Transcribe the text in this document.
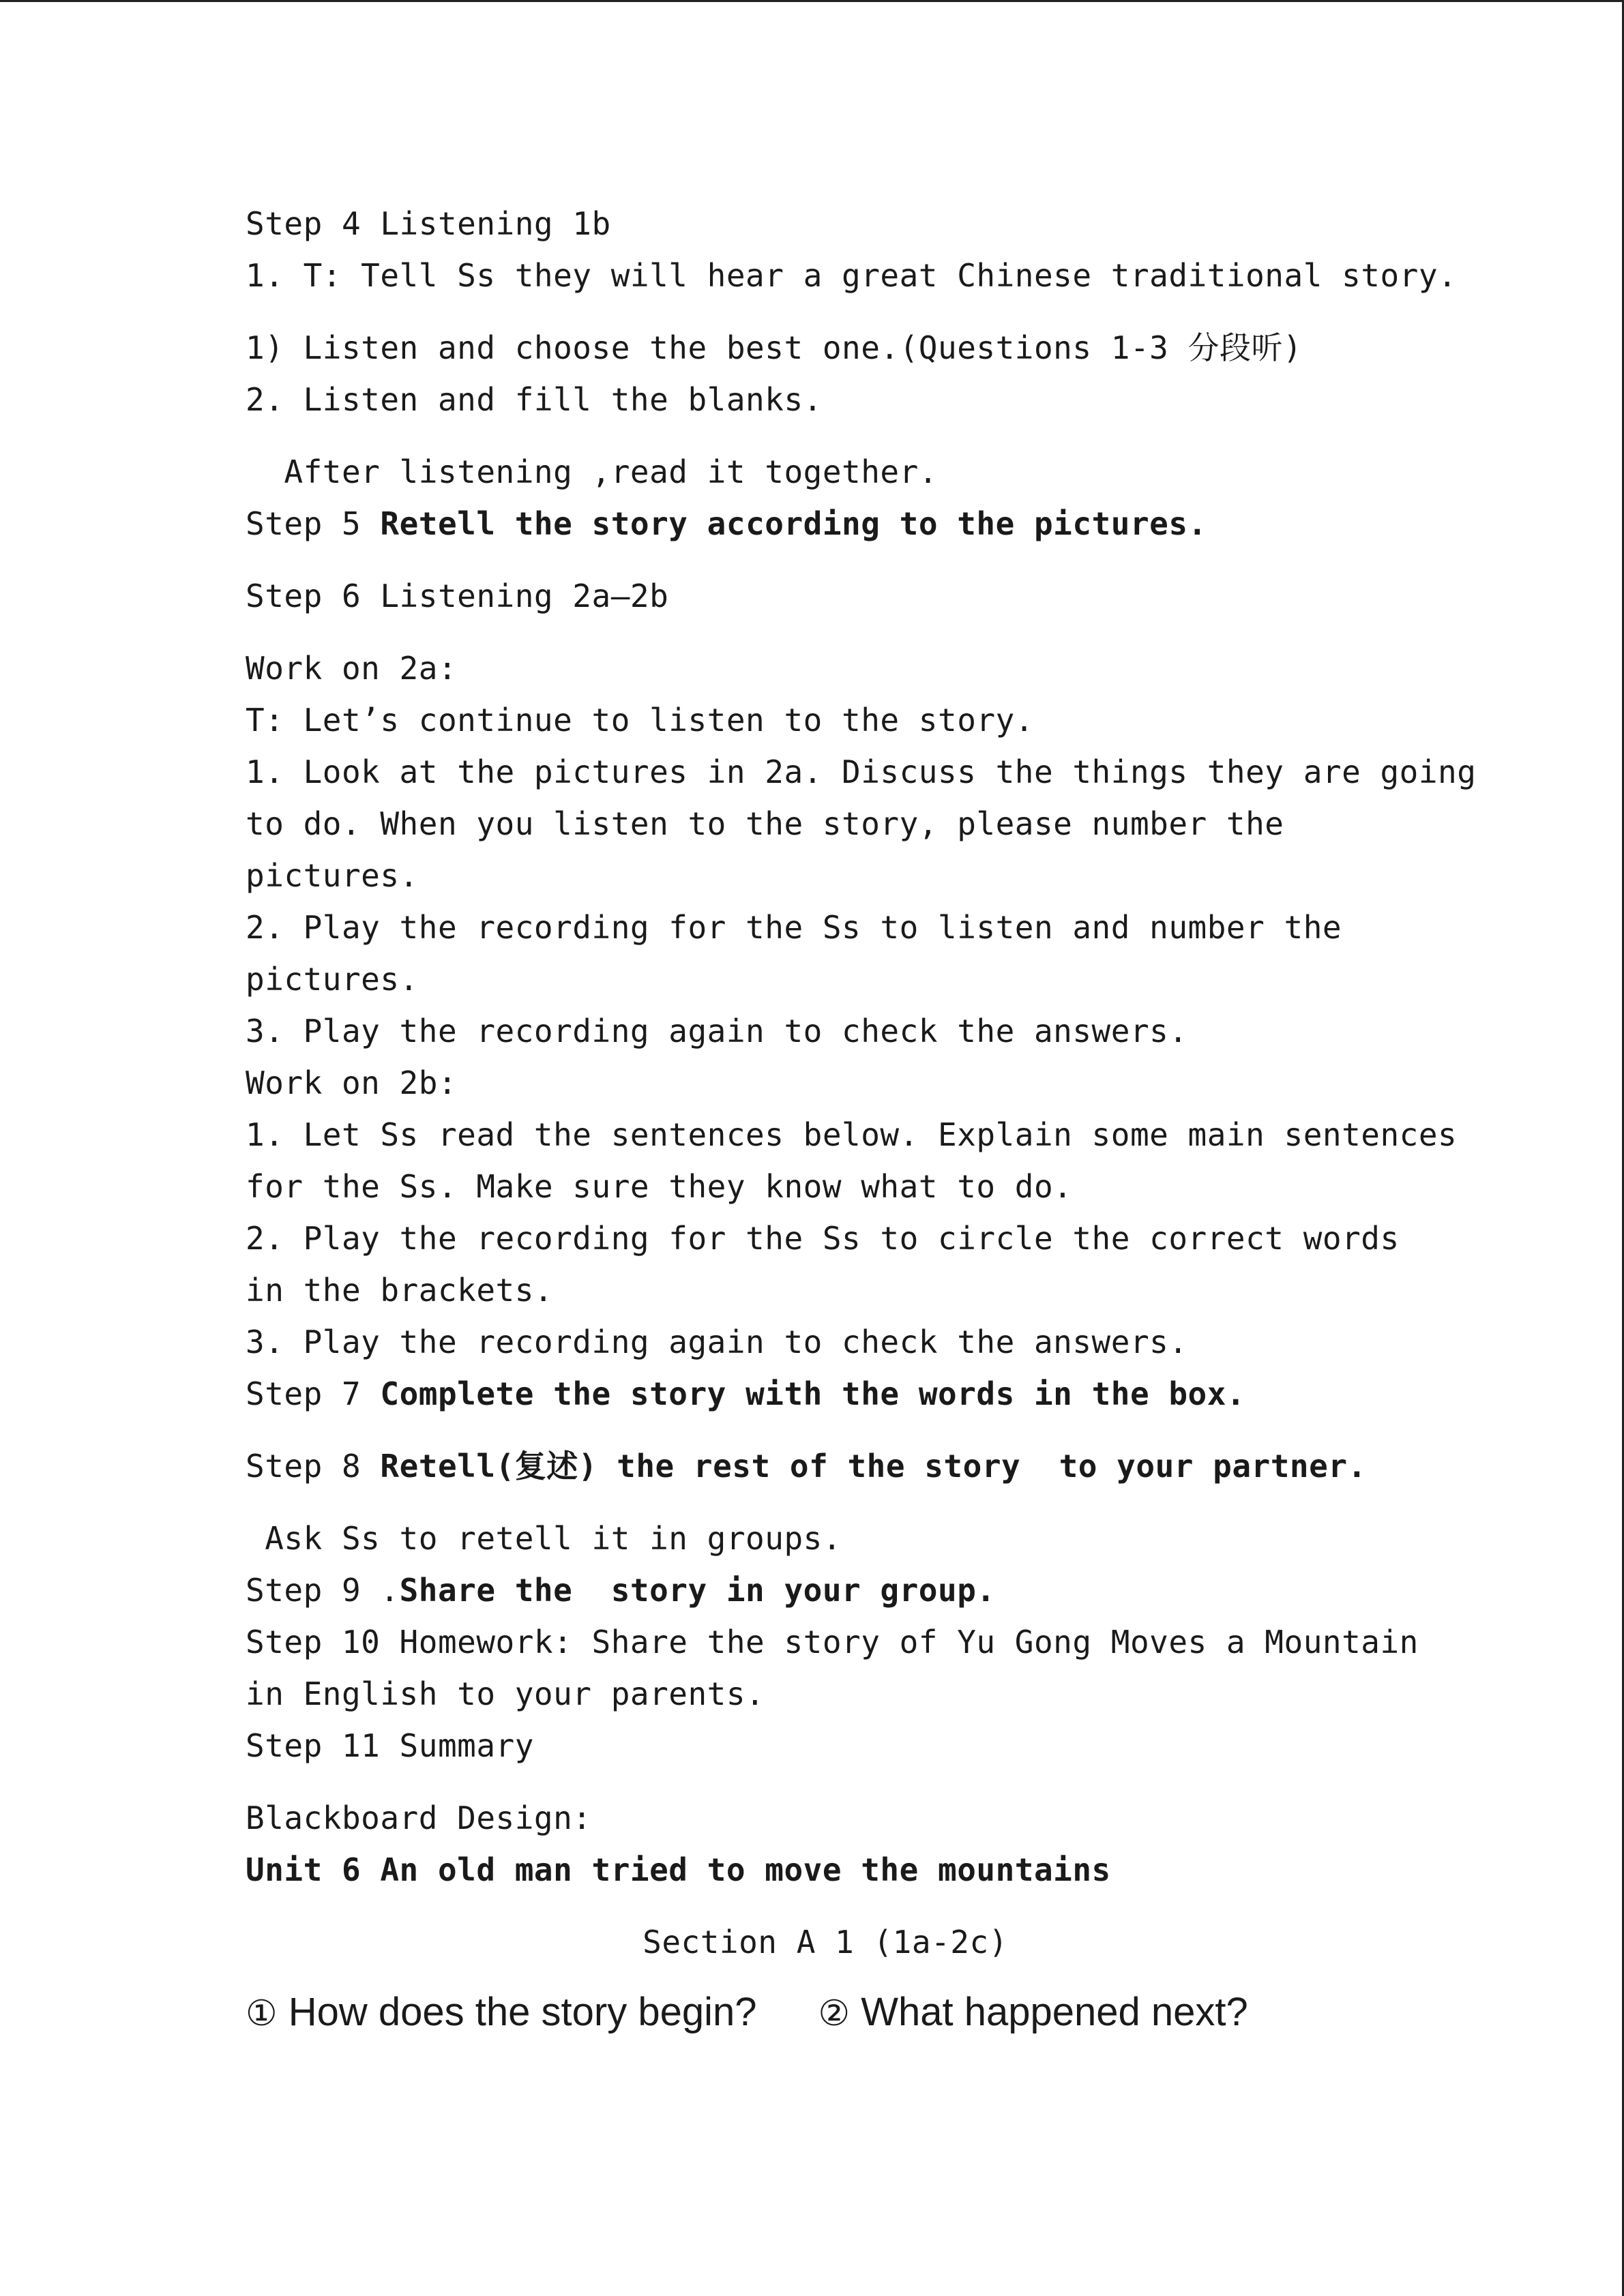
Step 4 Listening 1b
1. T: Tell Ss they will hear a great Chinese traditional story.
1) Listen and choose the best one.(Questions 1-3 分段听)
2. Listen and fill the blanks.
After listening ,read it together.
Step 5 Retell the story according to the pictures.
Step 6 Listening 2a—2b
Work on 2a:
T: Let’s continue to listen to the story.
1. Look at the pictures in 2a. Discuss the things they are going
to do. When you listen to the story, please number the
pictures.
2. Play the recording for the Ss to listen and number the
pictures.
3. Play the recording again to check the answers.
Work on 2b:
1. Let Ss read the sentences below. Explain some main sentences
for the Ss. Make sure they know what to do.
2. Play the recording for the Ss to circle the correct words
in the brackets.
3. Play the recording again to check the answers.
Step 7 Complete the story with the words in the box.
Step 8 Retell(复述) the rest of the story  to your partner.
Ask Ss to retell it in groups.
Step 9 .Share the  story in your group.
Step 10 Homework: Share the story of Yu Gong Moves a Mountain
in English to your parents.
Step 11 Summary
Blackboard Design:
Unit 6 An old man tried to move the mountains
Section A 1 (1a-2c)
① How does the story begin? ② What happened next?
